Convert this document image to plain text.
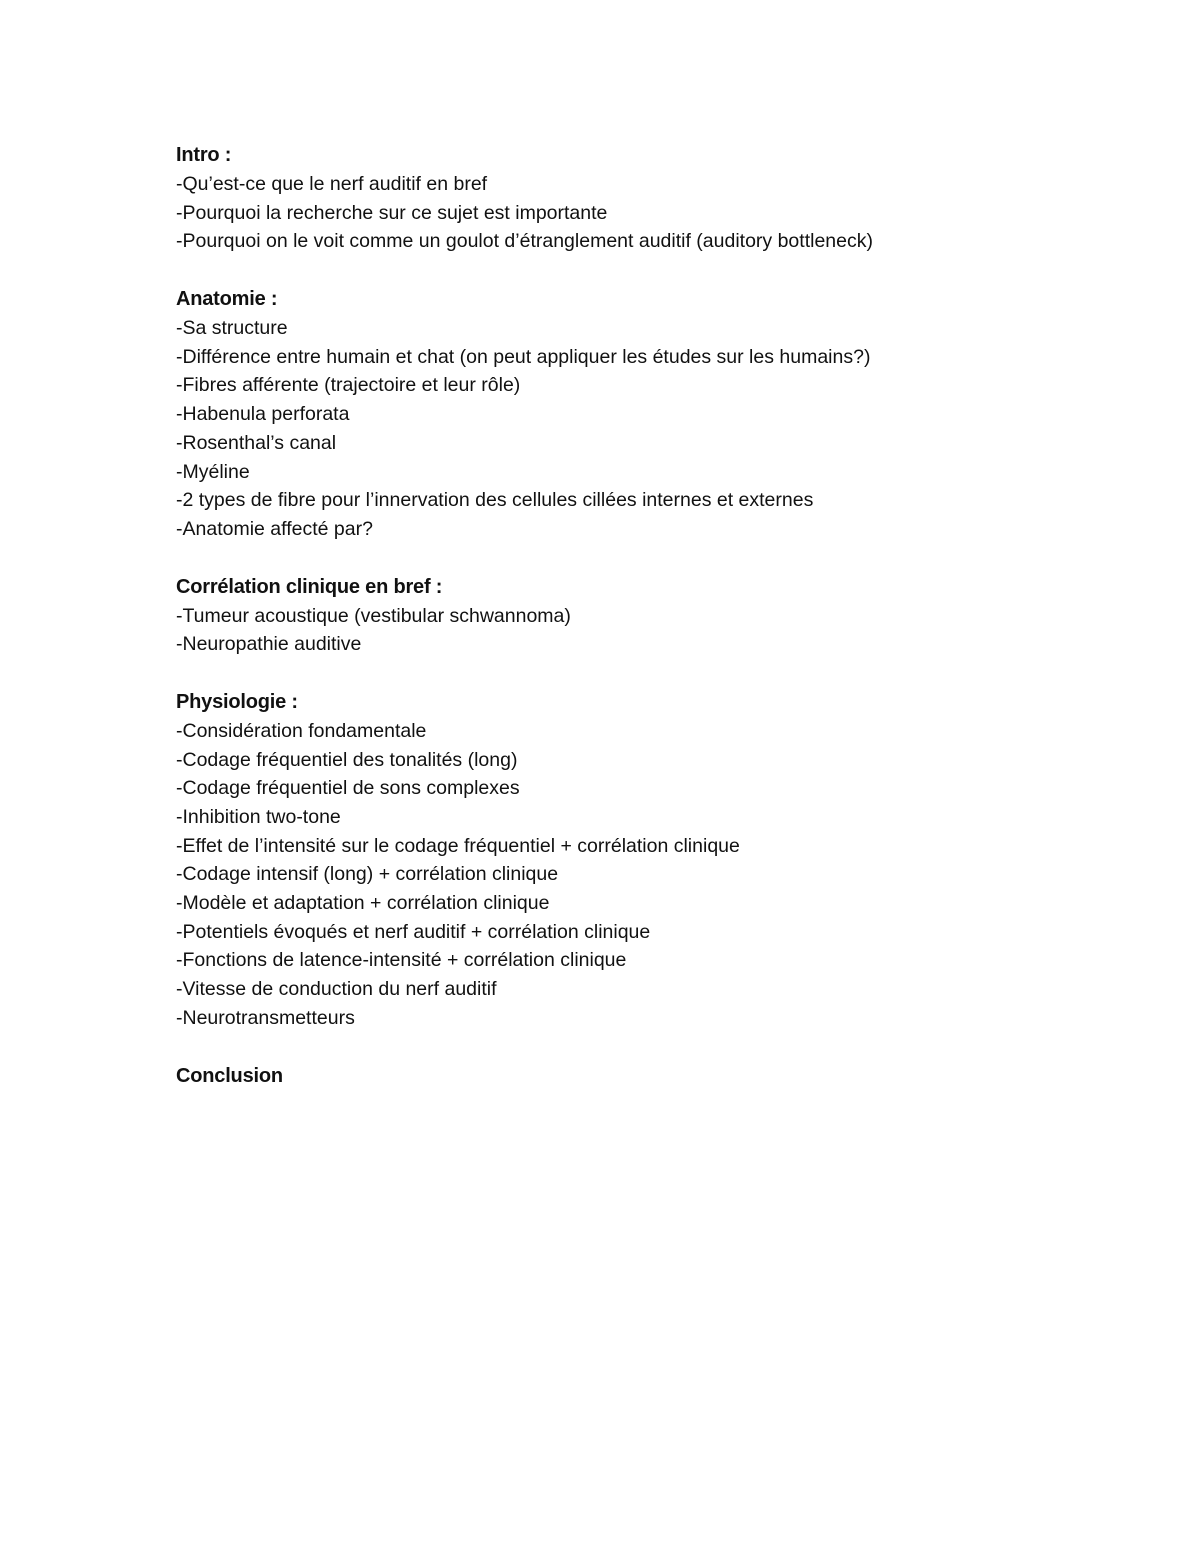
Intro :
-Qu’est-ce que le nerf auditif en bref
-Pourquoi la recherche sur ce sujet est importante
-Pourquoi on le voit comme un goulot d’étranglement auditif (auditory bottleneck)
Anatomie :
-Sa structure
-Différence entre humain et chat (on peut appliquer les études sur les humains?)
-Fibres afférente (trajectoire et leur rôle)
-Habenula perforata
-Rosenthal’s canal
-Myéline
-2 types de fibre pour l’innervation des cellules cillées internes et externes
-Anatomie affecté par?
Corrélation clinique en bref :
-Tumeur acoustique (vestibular schwannoma)
-Neuropathie auditive
Physiologie :
-Considération fondamentale
-Codage fréquentiel des tonalités (long)
-Codage fréquentiel de sons complexes
-Inhibition two-tone
-Effet de l’intensité sur le codage fréquentiel + corrélation clinique
-Codage intensif (long) + corrélation clinique
-Modèle et adaptation + corrélation clinique
-Potentiels évoqués et nerf auditif + corrélation clinique
-Fonctions de latence-intensité + corrélation clinique
-Vitesse de conduction du nerf auditif
-Neurotransmetteurs
Conclusion
